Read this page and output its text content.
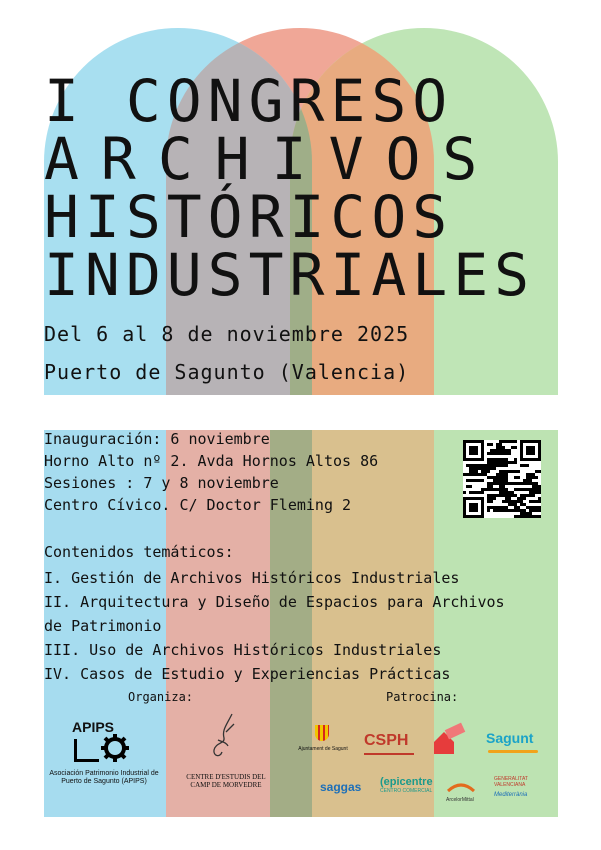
I CONGRESO
ARCHIVOS
HISTÓRICOS
INDUSTRIALES
Del 6 al 8 de noviembre 2025
Puerto de Sagunto (Valencia)
Inauguración: 6 noviembre
Horno Alto nº 2. Avda Hornos Altos 86
Sesiones : 7 y 8 noviembre
Centro Cívico. C/ Doctor Fleming 2
Contenidos temáticos:
I. Gestión de Archivos Históricos Industriales
II. Arquitectura y Diseño de Espacios para Archivos
de Patrimonio
III. Uso de Archivos Históricos Industriales
IV. Casos de Estudio y Experiencias Prácticas
Organiza:	Patrocina:
APIPS
Asociación Patrimonio Industrial de Puerto de Sagunto (APIPS)
CENTRE D'ESTUDIS DEL
CAMP DE MORVEDRE
Ajuntament de Sagunt CSPH	Sagunt
saggas (epicentre
CENTRO COMERCIAL
ArcelorMittal
GENERALITAT VALENCIANA
Mediterrània
